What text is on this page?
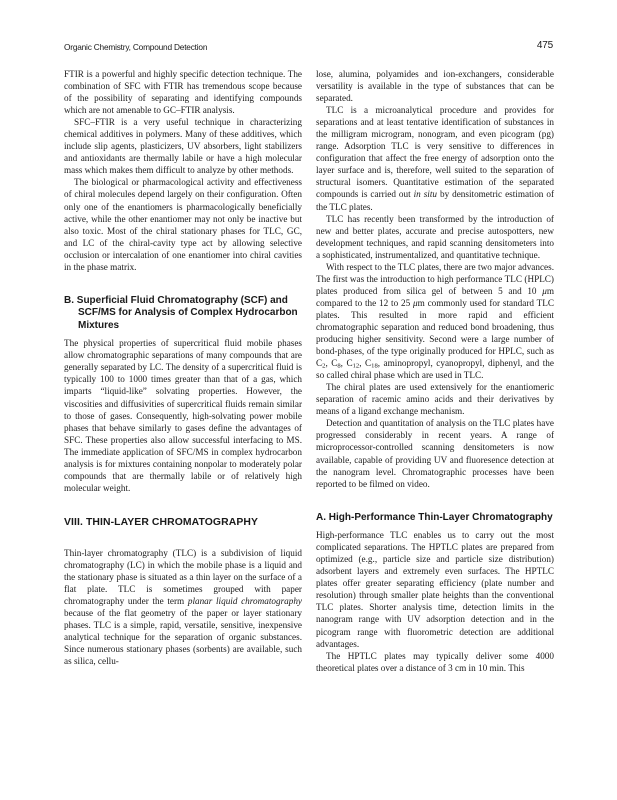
Organic Chemistry, Compound Detection	475

FTIR is a powerful and highly specific detection technique. The combination of SFC with FTIR has tremendous scope because of the possibility of separating and identifying compounds which are not amenable to GC–FTIR analysis.

SFC–FTIR is a very useful technique in characterizing chemical additives in polymers. Many of these additives, which include slip agents, plasticizers, UV absorbers, light stabilizers and antioxidants are thermally labile or have a high molecular mass which makes them difficult to analyze by other methods.

The biological or pharmacological activity and effectiveness of chiral molecules depend largely on their configuration. Often only one of the enantiomers is pharmacologically beneficially active, while the other enantiomer may not only be inactive but also toxic. Most of the chiral stationary phases for TLC, GC, and LC of the chiral-cavity type act by allowing selective occlusion or intercalation of one enantiomer into chiral cavities in the phase matrix.

B. Superficial Fluid Chromatography (SCF) and SCF/MS for Analysis of Complex Hydrocarbon Mixtures

The physical properties of supercritical fluid mobile phases allow chromatographic separations of many compounds that are generally separated by LC. The density of a supercritical fluid is typically 100 to 1000 times greater than that of a gas, which imparts “liquid-like” solvating properties. However, the viscosities and diffusivities of supercritical fluids remain similar to those of gases. Consequently, high-solvating power mobile phases that behave similarly to gases define the advantages of SFC. These properties also allow successful interfacing to MS. The immediate application of SFC/MS in complex hydrocarbon analysis is for mixtures containing nonpolar to moderately polar compounds that are thermally labile or of relatively high molecular weight.

VIII. THIN-LAYER CHROMATOGRAPHY

Thin-layer chromatography (TLC) is a subdivision of liquid chromatography (LC) in which the mobile phase is a liquid and the stationary phase is situated as a thin layer on the surface of a flat plate. TLC is sometimes grouped with paper chromatography under the term planar liquid chromatography because of the flat geometry of the paper or layer stationary phases. TLC is a simple, rapid, versatile, sensitive, inexpensive analytical technique for the separation of organic substances. Since numerous stationary phases (sorbents) are available, such as silica, cellu-

lose, alumina, polyamides and ion-exchangers, considerable versatility is available in the type of substances that can be separated.

TLC is a microanalytical procedure and provides for separations and at least tentative identification of substances in the milligram microgram, nonogram, and even picogram (pg) range. Adsorption TLC is very sensitive to differences in configuration that affect the free energy of adsorption onto the layer surface and is, therefore, well suited to the separation of structural isomers. Quantitative estimation of the separated compounds is carried out in situ by densitometric estimation of the TLC plates.

TLC has recently been transformed by the introduction of new and better plates, accurate and precise autospotters, new development techniques, and rapid scanning densitometers into a sophisticated, instrumentalized, and quantitative technique.

With respect to the TLC plates, there are two major advances. The first was the introduction to high performance TLC (HPLC) plates produced from silica gel of between 5 and 10 μm compared to the 12 to 25 μm commonly used for standard TLC plates. This resulted in more rapid and efficient chromatographic separation and reduced bond broadening, thus producing higher sensitivity. Second were a large number of bond-phases, of the type originally produced for HPLC, such as $C_2$, $C_8$, $C_{12}$, $C_{18}$, aminopropyl, cyanopropyl, diphenyl, and the so called chiral phase which are used in TLC.

The chiral plates are used extensively for the enantiomeric separation of racemic amino acids and their derivatives by means of a ligand exchange mechanism.

Detection and quantitation of analysis on the TLC plates have progressed considerably in recent years. A range of microprocessor-controlled scanning densitometers is now available, capable of providing UV and fluoresence detection at the nanogram level. Chromatographic processes have been reported to be filmed on video.

A. High-Performance Thin-Layer Chromatography

High-performance TLC enables us to carry out the most complicated separations. The HPTLC plates are prepared from optimized (e.g., particle size and particle size distribution) adsorbent layers and extremely even surfaces. The HPTLC plates offer greater separating efficiency (plate number and resolution) through smaller plate heights than the conventional TLC plates. Shorter analysis time, detection limits in the nanogram range with UV adsorption detection and in the picogram range with fluorometric detection are additional advantages.

The HPTLC plates may typically deliver some 4000 theoretical plates over a distance of 3 cm in 10 min. This
